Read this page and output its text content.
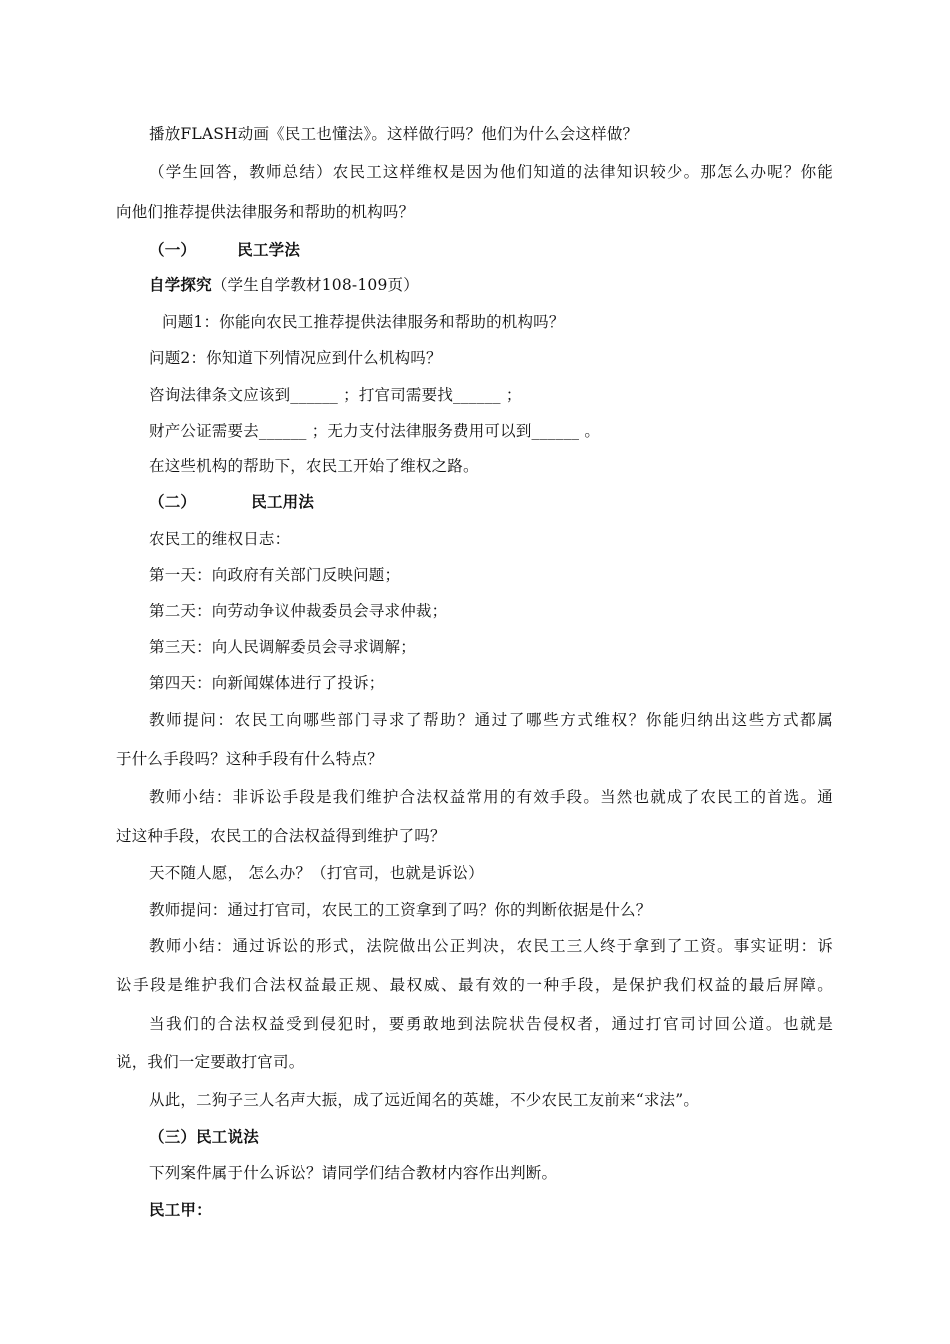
播放FLASH动画《民工也懂法》。这样做行吗？他们为什么会这样做？
（学生回答，教师总结）农民工这样维权是因为他们知道的法律知识较少。那怎么办呢？你能
向他们推荐提供法律服务和帮助的机构吗？
（一）	民工学法
自学探究（学生自学教材108-109页）
问题1：你能向农民工推荐提供法律服务和帮助的机构吗？
问题2：你知道下列情况应到什么机构吗？
咨询法律条文应该到______ ；打官司需要找______ ；
财产公证需要去______ ；无力支付法律服务费用可以到______ 。
在这些机构的帮助下，农民工开始了维权之路。
（二）	民工用法
农民工的维权日志：
第一天：向政府有关部门反映问题；
第二天：向劳动争议仲裁委员会寻求仲裁；
第三天：向人民调解委员会寻求调解；
第四天：向新闻媒体进行了投诉；
教师提问：农民工向哪些部门寻求了帮助？通过了哪些方式维权？你能归纳出这些方式都属
于什么手段吗？这种手段有什么特点？
教师小结：非诉讼手段是我们维护合法权益常用的有效手段。当然也就成了农民工的首选。通
过这种手段，农民工的合法权益得到维护了吗？
天不随人愿， 怎么办？（打官司，也就是诉讼）
教师提问：通过打官司，农民工的工资拿到了吗？你的判断依据是什么？
教师小结：通过诉讼的形式，法院做出公正判决，农民工三人终于拿到了工资。事实证明：诉
讼手段是维护我们合法权益最正规、最权威、最有效的一种手段，是保护我们权益的最后屏障。
当我们的合法权益受到侵犯时，要勇敢地到法院状告侵权者，通过打官司讨回公道。也就是
说，我们一定要敢打官司。
从此，二狗子三人名声大振，成了远近闻名的英雄，不少农民工友前来“求法”。
（三）民工说法
下列案件属于什么诉讼？请同学们结合教材内容作出判断。
民工甲：
